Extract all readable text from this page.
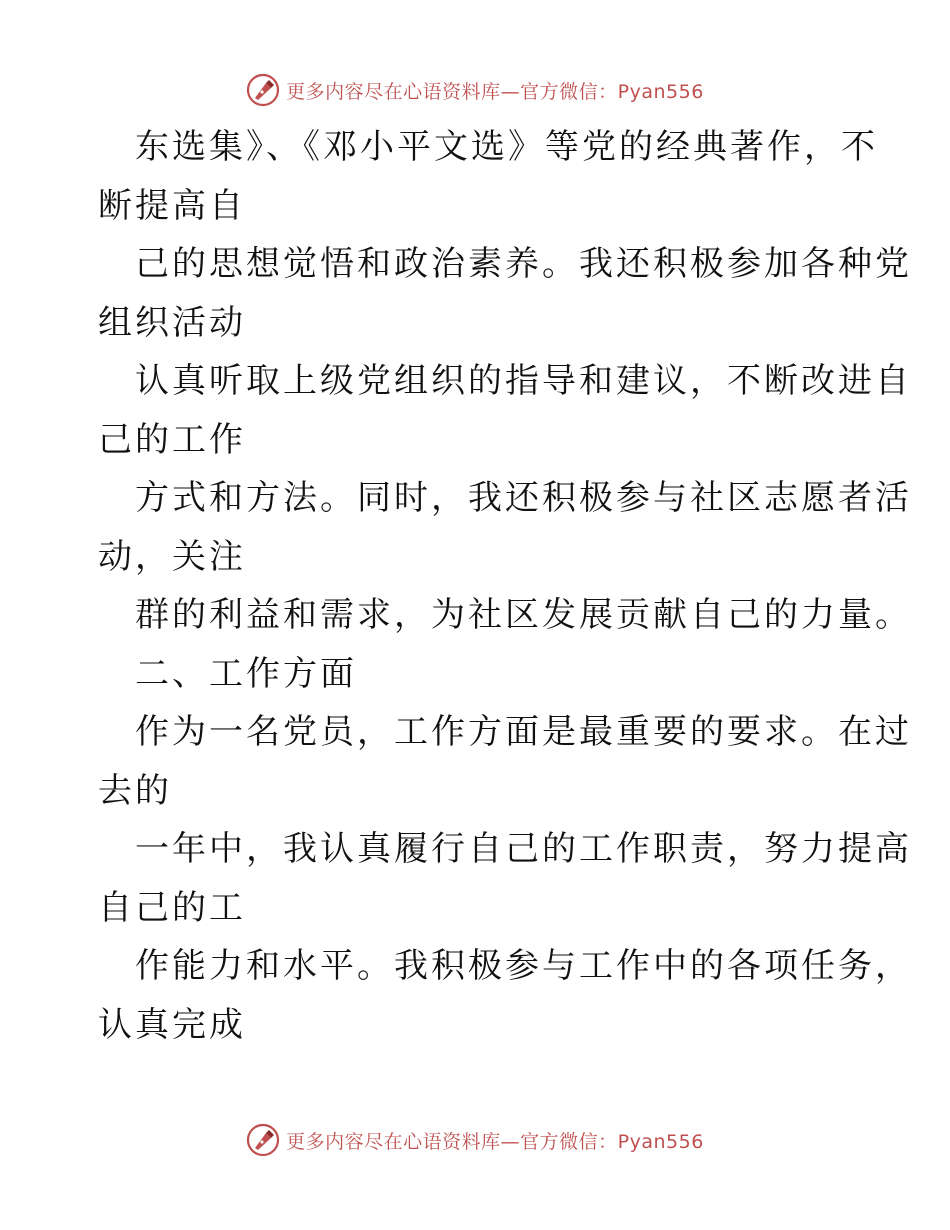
更多内容尽在心语资料库—官方微信：Pyan556
东选集》、《邓小平文选》等党的经典著作，不
断提高自
己的思想觉悟和政治素养。我还积极参加各种党
组织活动
认真听取上级党组织的指导和建议，不断改进自
己的工作
方式和方法。同时，我还积极参与社区志愿者活
动，关注
群的利益和需求，为社区发展贡献自己的力量。
二、工作方面
作为一名党员，工作方面是最重要的要求。在过
去的
一年中，我认真履行自己的工作职责，努力提高
自己的工
作能力和水平。我积极参与工作中的各项任务，
认真完成
更多内容尽在心语资料库—官方微信：Pyan556
